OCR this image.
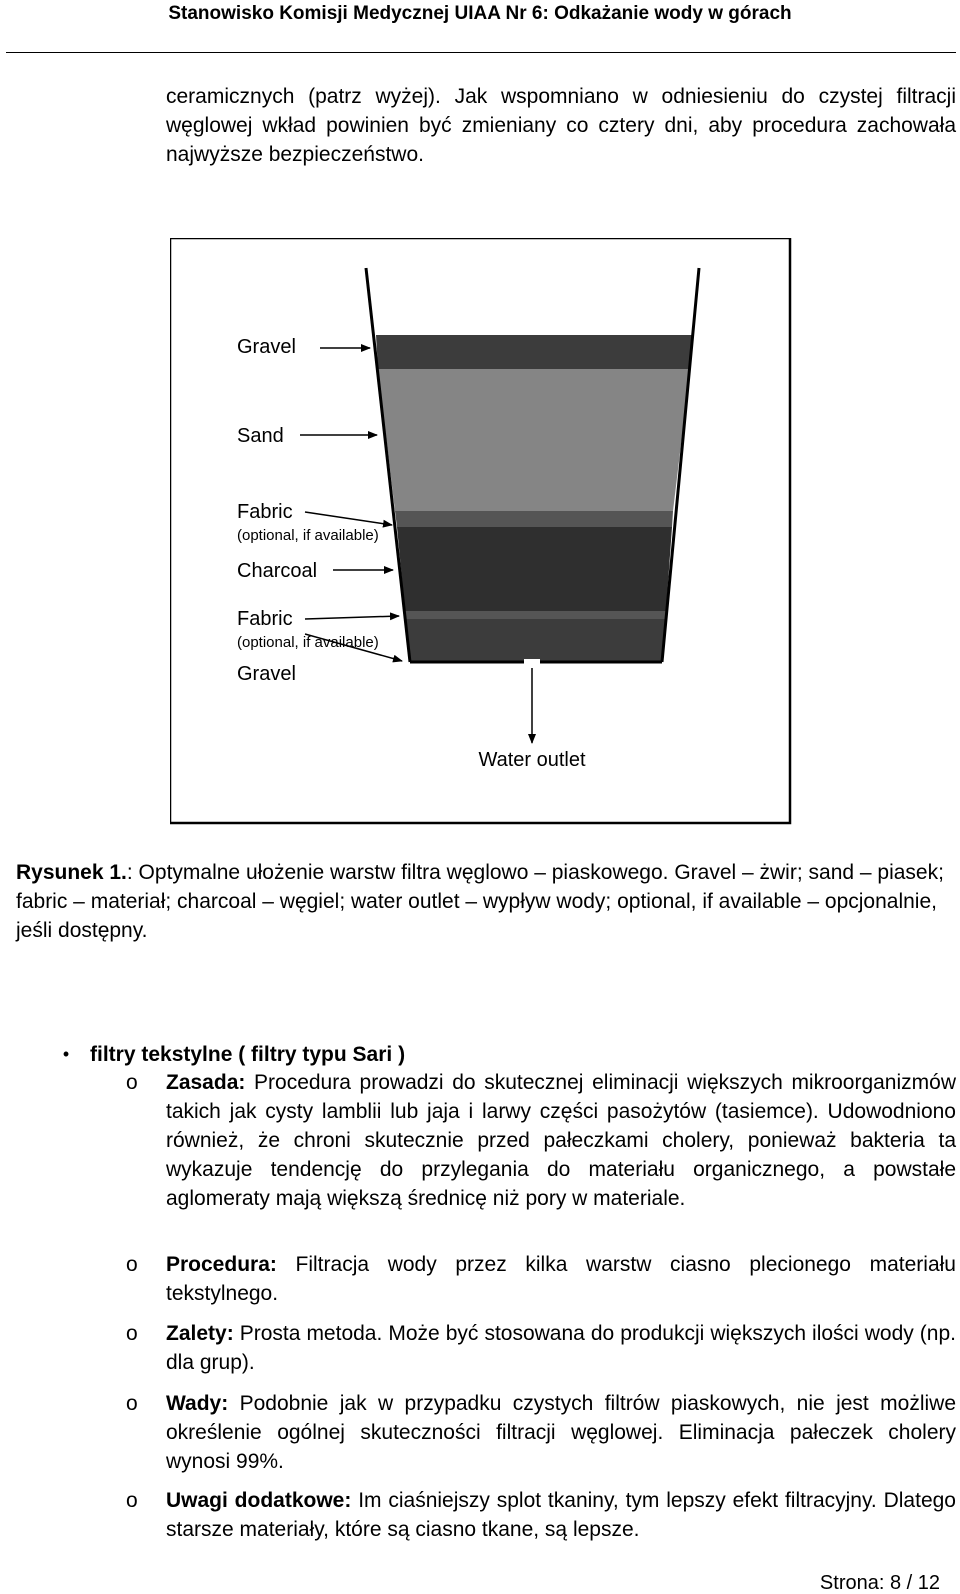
Stanowisko Komisji Medycznej UIAA Nr 6: Odkażanie wody w górach
ceramicznych (patrz wyżej). Jak wspomniano w odniesieniu do czystej filtracji węglowej wkład powinien być zmieniany co cztery dni, aby procedura zachowała najwyższe bezpieczeństwo.
Gravel
Sand
Fabric
(optional, if available)
Charcoal
Fabric
(optional, if available)
Gravel
Water outlet
Rysunek 1.: Optymalne ułożenie warstw filtra węglowo – piaskowego. Gravel – żwir; sand – piasek; fabric – materiał; charcoal – węgiel; water outlet – wypływ wody; optional, if available – opcjonalnie, jeśli dostępny.
• filtry tekstylne ( filtry typu Sari )
o Zasada: Procedura prowadzi do skutecznej eliminacji większych mikroorganizmów takich jak cysty lamblii lub jaja i larwy części pasożytów (tasiemce). Udowodniono również, że chroni skutecznie przed pałeczkami cholery, ponieważ bakteria ta wykazuje tendencję do przylegania do materiału organicznego, a powstałe aglomeraty mają większą średnicę niż pory w materiale.
o Procedura: Filtracja wody przez kilka warstw ciasno plecionego materiału tekstylnego.
o Zalety: Prosta metoda. Może być stosowana do produkcji większych ilości wody (np. dla grup).
o Wady: Podobnie jak w przypadku czystych filtrów piaskowych, nie jest możliwe określenie ogólnej skuteczności filtracji węglowej. Eliminacja pałeczek cholery wynosi 99%.
o Uwagi dodatkowe: Im ciaśniejszy splot tkaniny, tym lepszy efekt filtracyjny. Dlatego starsze materiały, które są ciasno tkane, są lepsze.
Strona: 8 / 12
